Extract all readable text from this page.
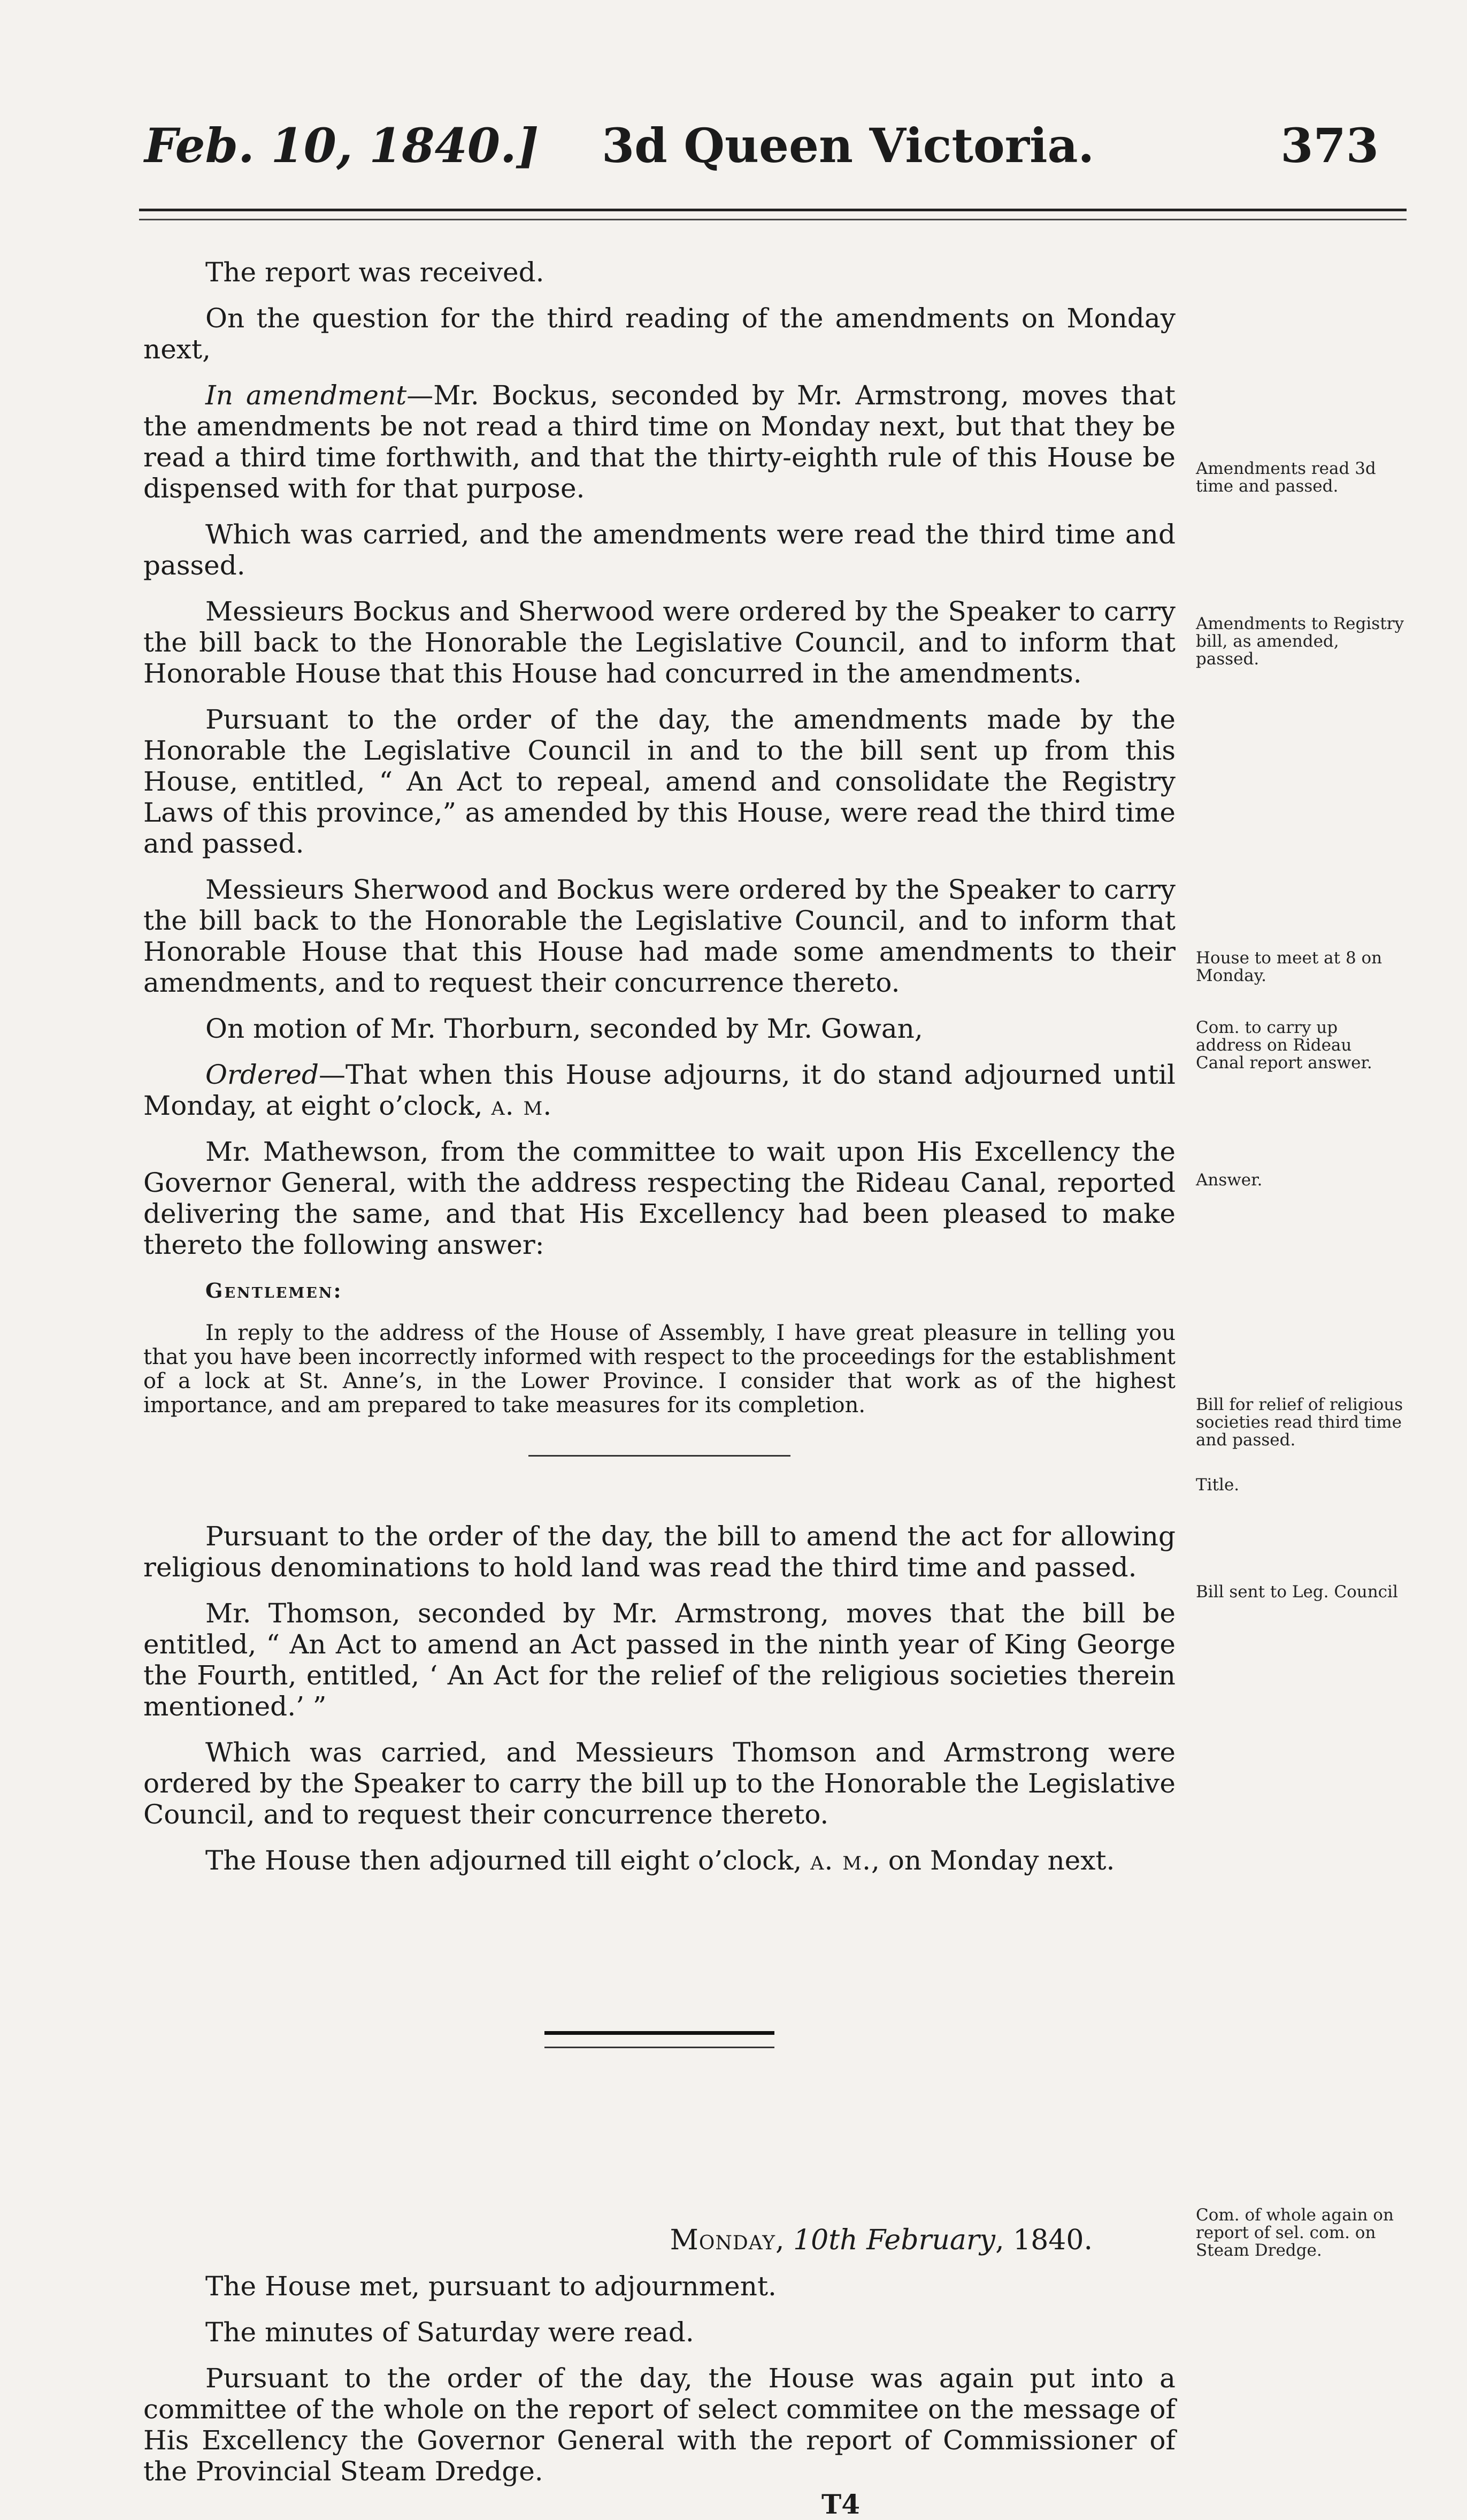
Feb. 10, 1840.] 3d Queen Victoria.	373

The report was received.

On the question for the third reading of the amendments on Monday next,

In amendment—Mr. Bockus, seconded by Mr. Armstrong, moves that the amendments be not read a third time on Monday next, but that they be read a third time forthwith, and that the thirty-eighth rule of this House be dispensed with for that purpose.

Which was carried, and the amendments were read the third time and passed.

Messieurs Bockus and Sherwood were ordered by the Speaker to carry the bill back to the Honorable the Legislative Council, and to inform that Honorable House that this House had concurred in the amendments.

Pursuant to the order of the day, the amendments made by the Honorable the Legislative Council in and to the bill sent up from this House, entitled, “ An Act to repeal, amend and consolidate the Registry Laws of this province,” as amended by this House, were read the third time and passed.

Messieurs Sherwood and Bockus were ordered by the Speaker to carry the bill back to the Honorable the Legislative Council, and to inform that Honorable House that this House had made some amendments to their amendments, and to request their concurrence thereto.

On motion of Mr. Thorburn, seconded by Mr. Gowan,

Ordered—That when this House adjourns, it do stand adjourned until Monday, at eight o’clock, a. m.

Mr. Mathewson, from the committee to wait upon His Excellency the Governor General, with the address respecting the Rideau Canal, reported delivering the same, and that His Excellency had been pleased to make thereto the following answer:

Gentlemen:

In reply to the address of the House of Assembly, I have great pleasure in telling you that you have been incorrectly informed with respect to the proceedings for the establishment of a lock at St. Anne’s, in the Lower Province. I consider that work as of the highest importance, and am prepared to take measures for its completion.

Pursuant to the order of the day, the bill to amend the act for allowing religious denominations to hold land was read the third time and passed.

Mr. Thomson, seconded by Mr. Armstrong, moves that the bill be entitled, “ An Act to amend an Act passed in the ninth year of King George the Fourth, entitled, ‘ An Act for the relief of the religious societies therein mentioned.’ ”

Which was carried, and Messieurs Thomson and Armstrong were ordered by the Speaker to carry the bill up to the Honorable the Legislative Council, and to request their concurrence thereto.

The House then adjourned till eight o’clock, a. m., on Monday next.

Monday, 10th February, 1840.

The House met, pursuant to adjournment.

The minutes of Saturday were read.

Pursuant to the order of the day, the House was again put into a committee of the whole on the report of select commitee on the message of His Excellency the Governor General with the report of Commissioner of the Provincial Steam Dredge.

T4
Amendments read 3d time and passed.
Amendments to Registry bill, as amended, passed.
House to meet at 8 on Monday.
Com. to carry up address on Rideau Canal report answer.
Answer.
Bill for relief of religious societies read third time and passed.
Title.
Bill sent to Leg. Council
Com. of whole again on report of sel. com. on Steam Dredge.
